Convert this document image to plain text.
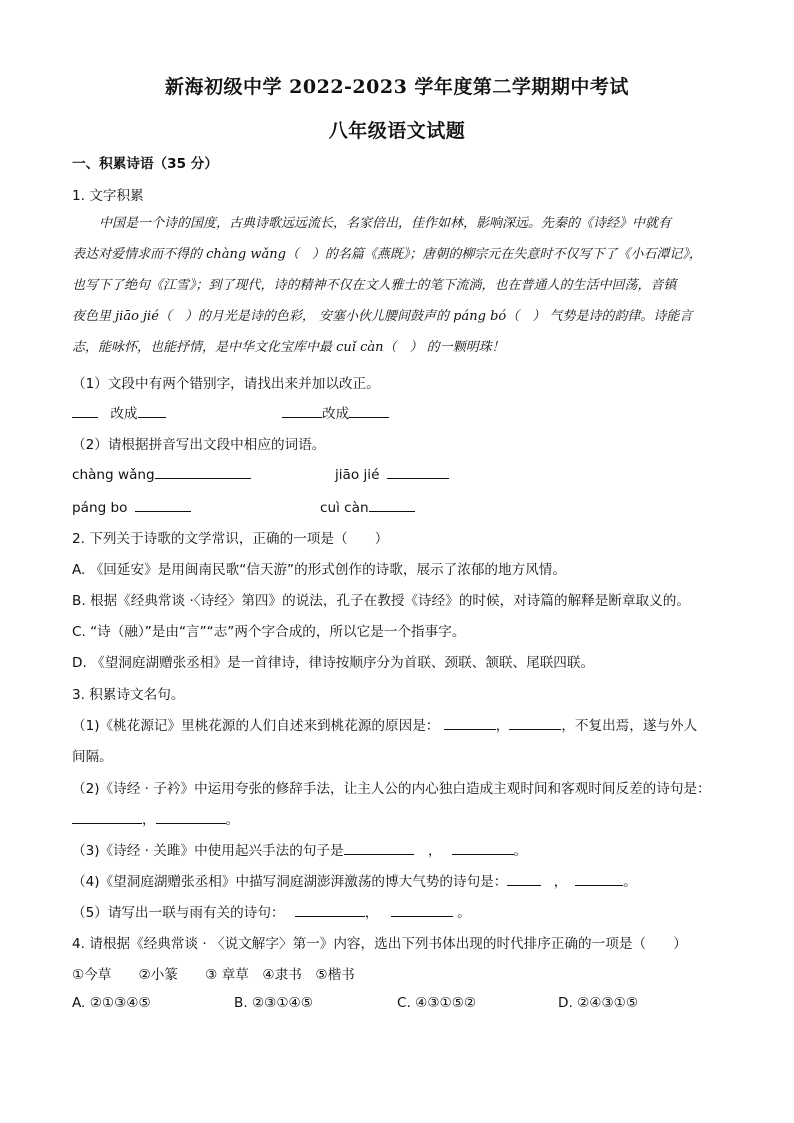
新海初级中学 2022-2023 学年度第二学期期中考试
八年级语文试题
一、积累诗语（35 分）
1. 文字积累

中国是一个诗的国度，古典诗歌远远流长，名家倍出，佳作如林，影响深远。先秦的《诗经》中就有

表达对爱情求而不得的 chàng wǎng（　）的名篇《燕既》；唐朝的柳宗元在失意时不仅写下了《小石潭记》，

也写下了绝句《江雪》；到了现代，诗的精神不仅在文人雅士的笔下流淌，也在普通人的生活中回荡，音镇

夜色里 jiāo jié（　）的月光是诗的色彩， 安塞小伙儿腰间鼓声的 páng bó（　） 气势是诗的韵律。诗能言

志，能咏怀，也能抒情，是中华文化宝库中最 cuǐ càn（　） 的一颗明珠！

（1）文段中有两个错别字，请找出来并加以改正。
改成	改成
（2）请根据拼音写出文段中相应的词语。
chàng wǎng	jiāo jié
páng bo	cuì càn
2. 下列关于诗歌的文学常识，正确的一项是（　　）
A. 《回延安》是用闽南民歌“信天游”的形式创作的诗歌，展示了浓郁的地方风情。
B. 根据《经典常谈 ·〈诗经〉第四》的说法，孔子在教授《诗经》的时候，对诗篇的解释是断章取义的。
C. “诗（融）”是由“言”“志”两个字合成的，所以它是一个指事字。
D. 《望洞庭湖赠张丞相》是一首律诗，律诗按顺序分为首联、颈联、颔联、尾联四联。
3. 积累诗文名句。
（1)《桃花源记》里桃花源的人们自述来到桃花源的原因是：	，	，不复出焉，遂与外人
间隔。
（2)《诗经 · 子衿》中运用夸张的修辞手法，让主人公的内心独白造成主观时间和客观时间反差的诗句是：
，	。
（3)《诗经 · 关雎》中使用起兴手法的句子是	，	。
（4)《望洞庭湖赠张丞相》中描写洞庭湖澎湃激荡的博大气势的诗句是：	，	。
（5）请写出一联与雨有关的诗句：	，	。
4. 请根据《经典常谈 · 〈说文解字〉第一》内容，选出下列书体出现的时代排序正确的一项是（　　）
①今草　　②小篆　　③ 章草　④隶书　⑤楷书
A. ②①③④⑤	B. ②③①④⑤	C. ④③①⑤②	D. ②④③①⑤
